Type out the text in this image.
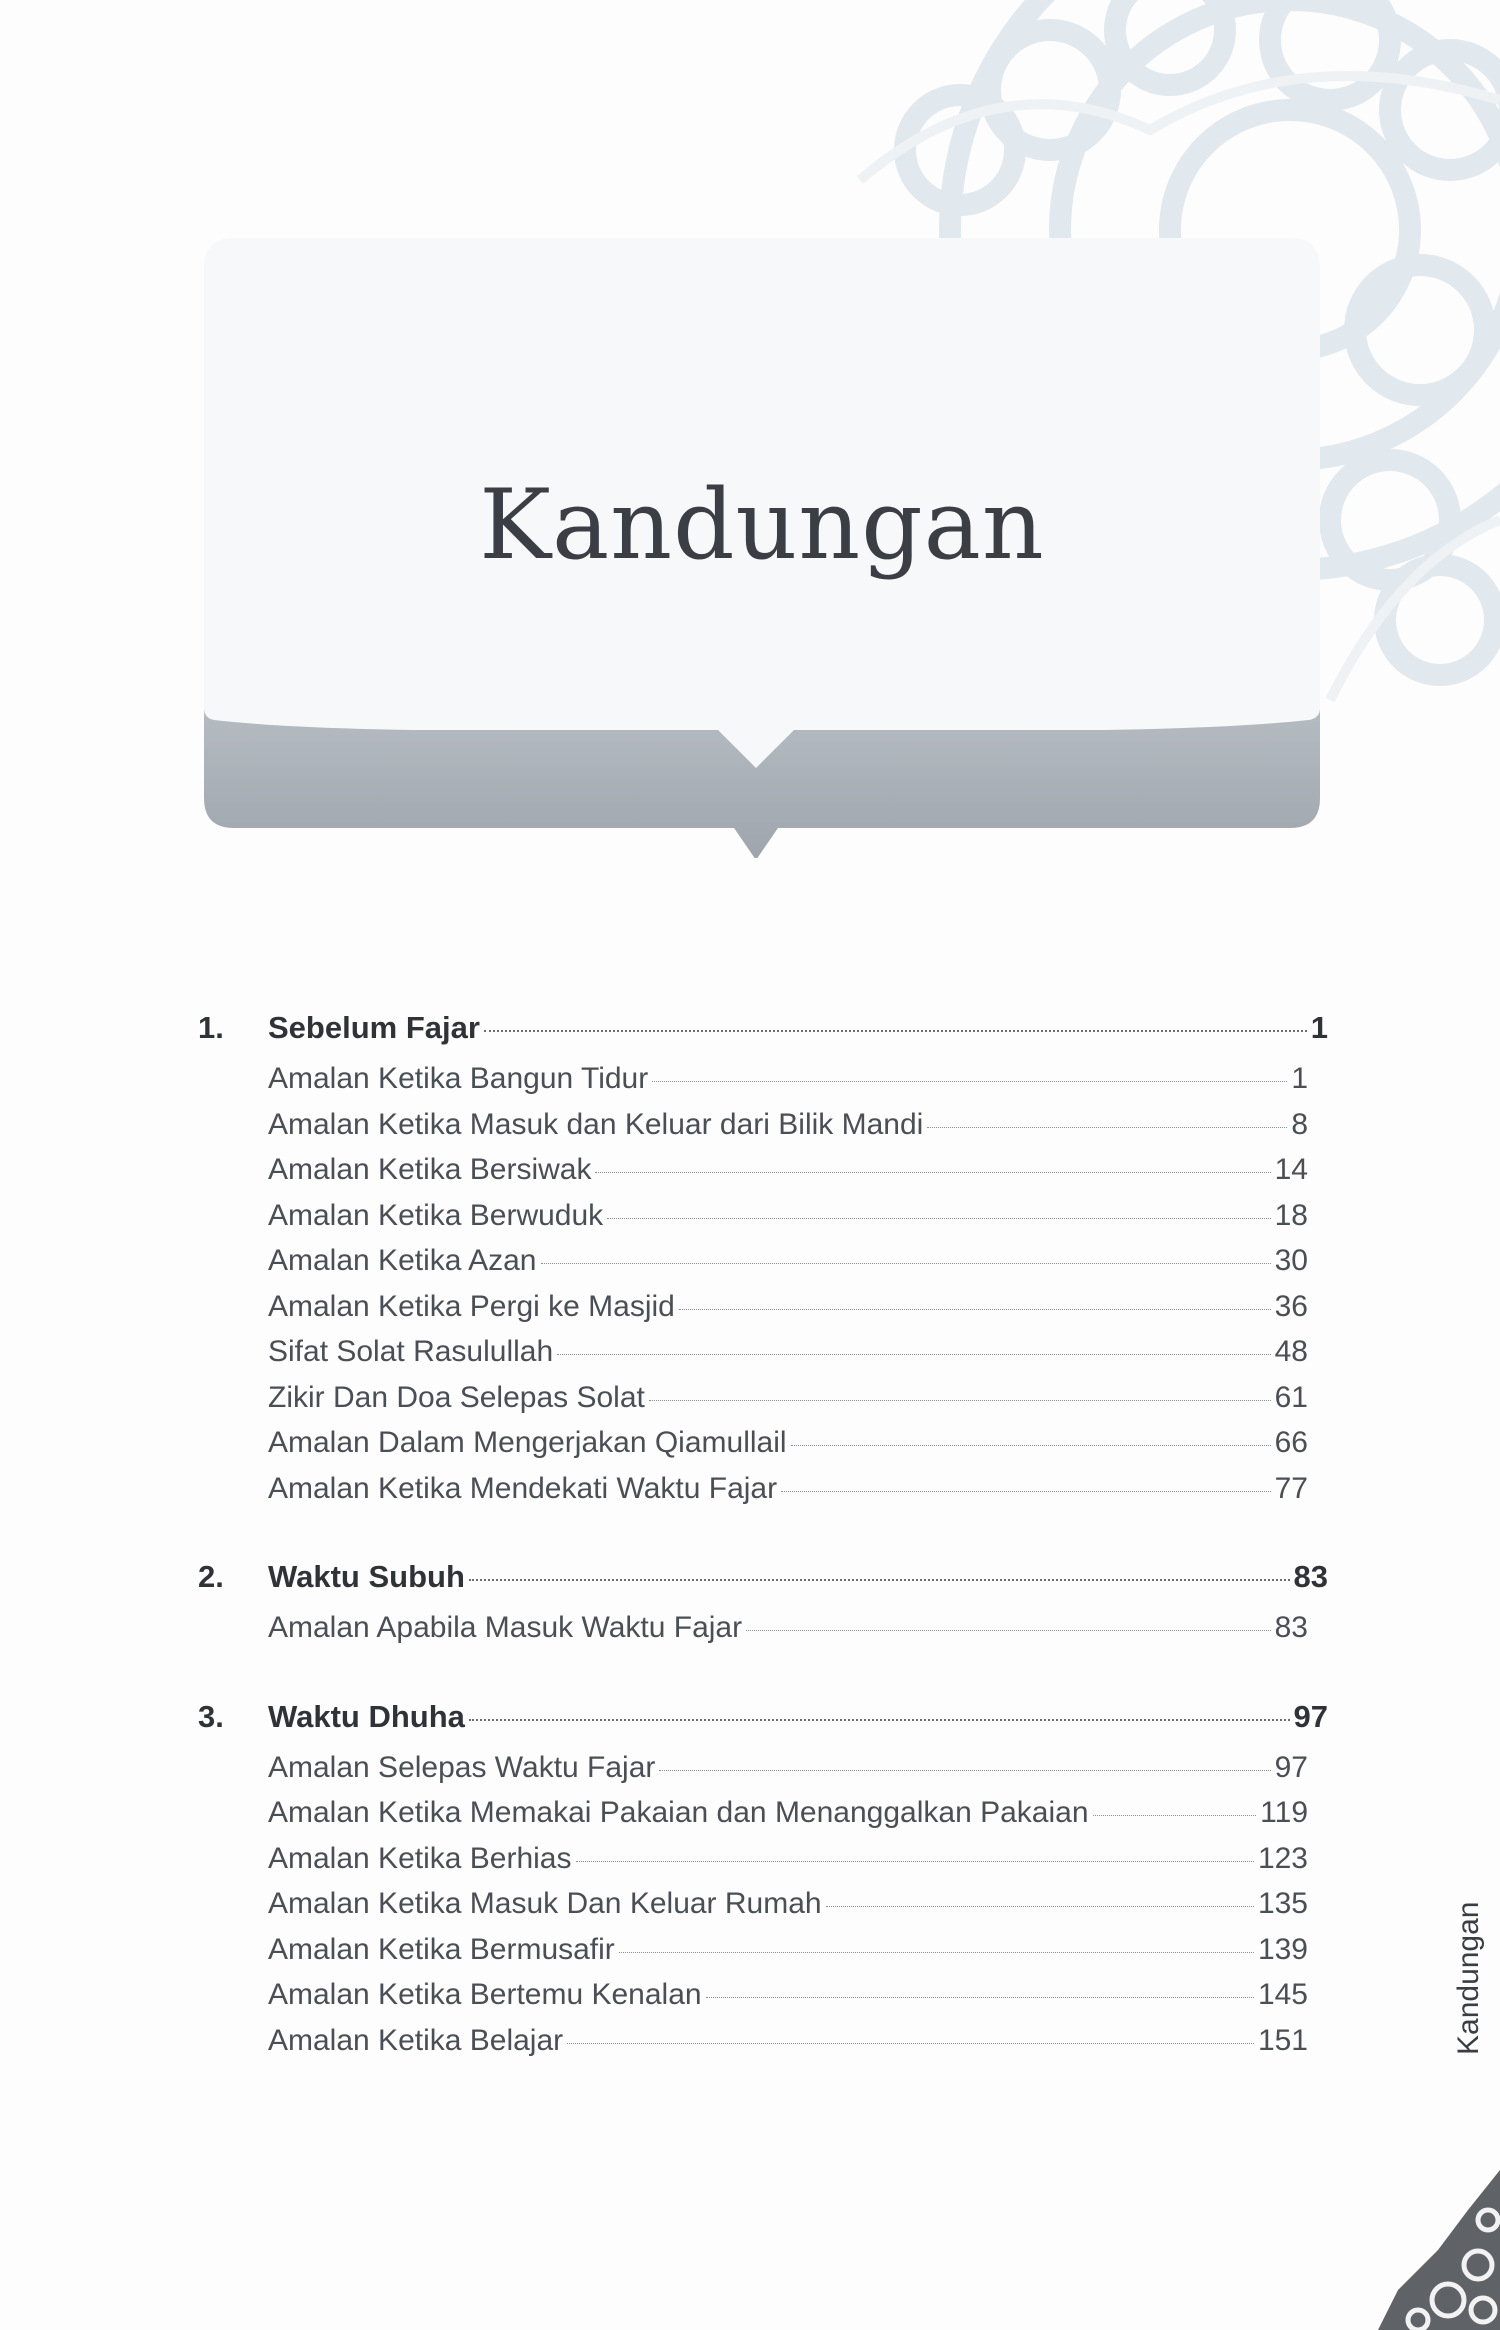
Kandungan
1.	Sebelum Fajar	1
Amalan Ketika Bangun Tidur	1
Amalan Ketika Masuk dan Keluar dari Bilik Mandi	8
Amalan Ketika Bersiwak	14
Amalan Ketika Berwuduk	18
Amalan Ketika Azan	30
Amalan Ketika Pergi ke Masjid	36
Sifat Solat Rasulullah	48
Zikir Dan Doa Selepas Solat	61
Amalan Dalam Mengerjakan Qiamullail	66
Amalan Ketika Mendekati Waktu Fajar	77
2.	Waktu Subuh	83
Amalan Apabila Masuk Waktu Fajar	83
3.	Waktu Dhuha	97
Amalan Selepas Waktu Fajar	97
Amalan Ketika Memakai Pakaian dan Menanggalkan Pakaian	119
Amalan Ketika Berhias	123
Amalan Ketika Masuk Dan Keluar Rumah	135
Amalan Ketika Bermusafir	139
Amalan Ketika Bertemu Kenalan	145
Amalan Ketika Belajar	151	Kandungan
